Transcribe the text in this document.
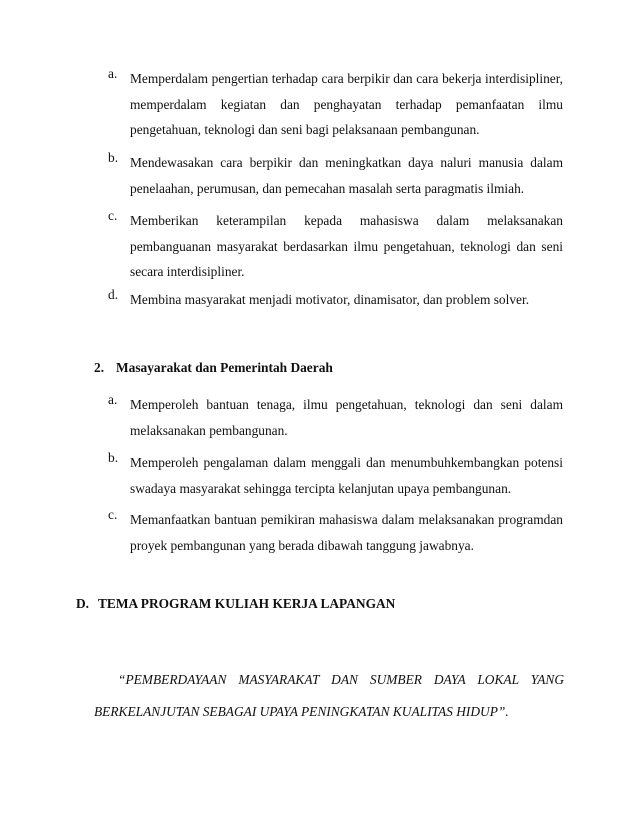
a. Memperdalam pengertian terhadap cara berpikir dan cara bekerja interdisipliner, memperdalam kegiatan dan penghayatan terhadap pemanfaatan ilmu pengetahuan, teknologi dan seni bagi pelaksanaan pembangunan.
b. Mendewasakan cara berpikir dan meningkatkan daya naluri manusia dalam penelaahan, perumusan, dan pemecahan masalah serta paragmatis ilmiah.
c. Memberikan keterampilan kepada mahasiswa dalam melaksanakan pembanguanan masyarakat berdasarkan ilmu pengetahuan, teknologi dan seni secara interdisipliner.
d. Membina masyarakat menjadi motivator, dinamisator, dan problem solver.
2. Masayarakat dan Pemerintah Daerah
a. Memperoleh bantuan tenaga, ilmu pengetahuan, teknologi dan seni dalam melaksanakan pembangunan.
b. Memperoleh pengalaman dalam menggali dan menumbuhkembangkan potensi swadaya masyarakat sehingga tercipta kelanjutan upaya pembangunan.
c. Memanfaatkan bantuan pemikiran mahasiswa dalam melaksanakan programdan proyek pembangunan yang berada dibawah tanggung jawabnya.
D. TEMA PROGRAM KULIAH KERJA LAPANGAN
“PEMBERDAYAAN MASYARAKAT DAN SUMBER DAYA LOKAL YANG
BERKELANJUTAN SEBAGAI UPAYA PENINGKATAN KUALITAS HIDUP”.
